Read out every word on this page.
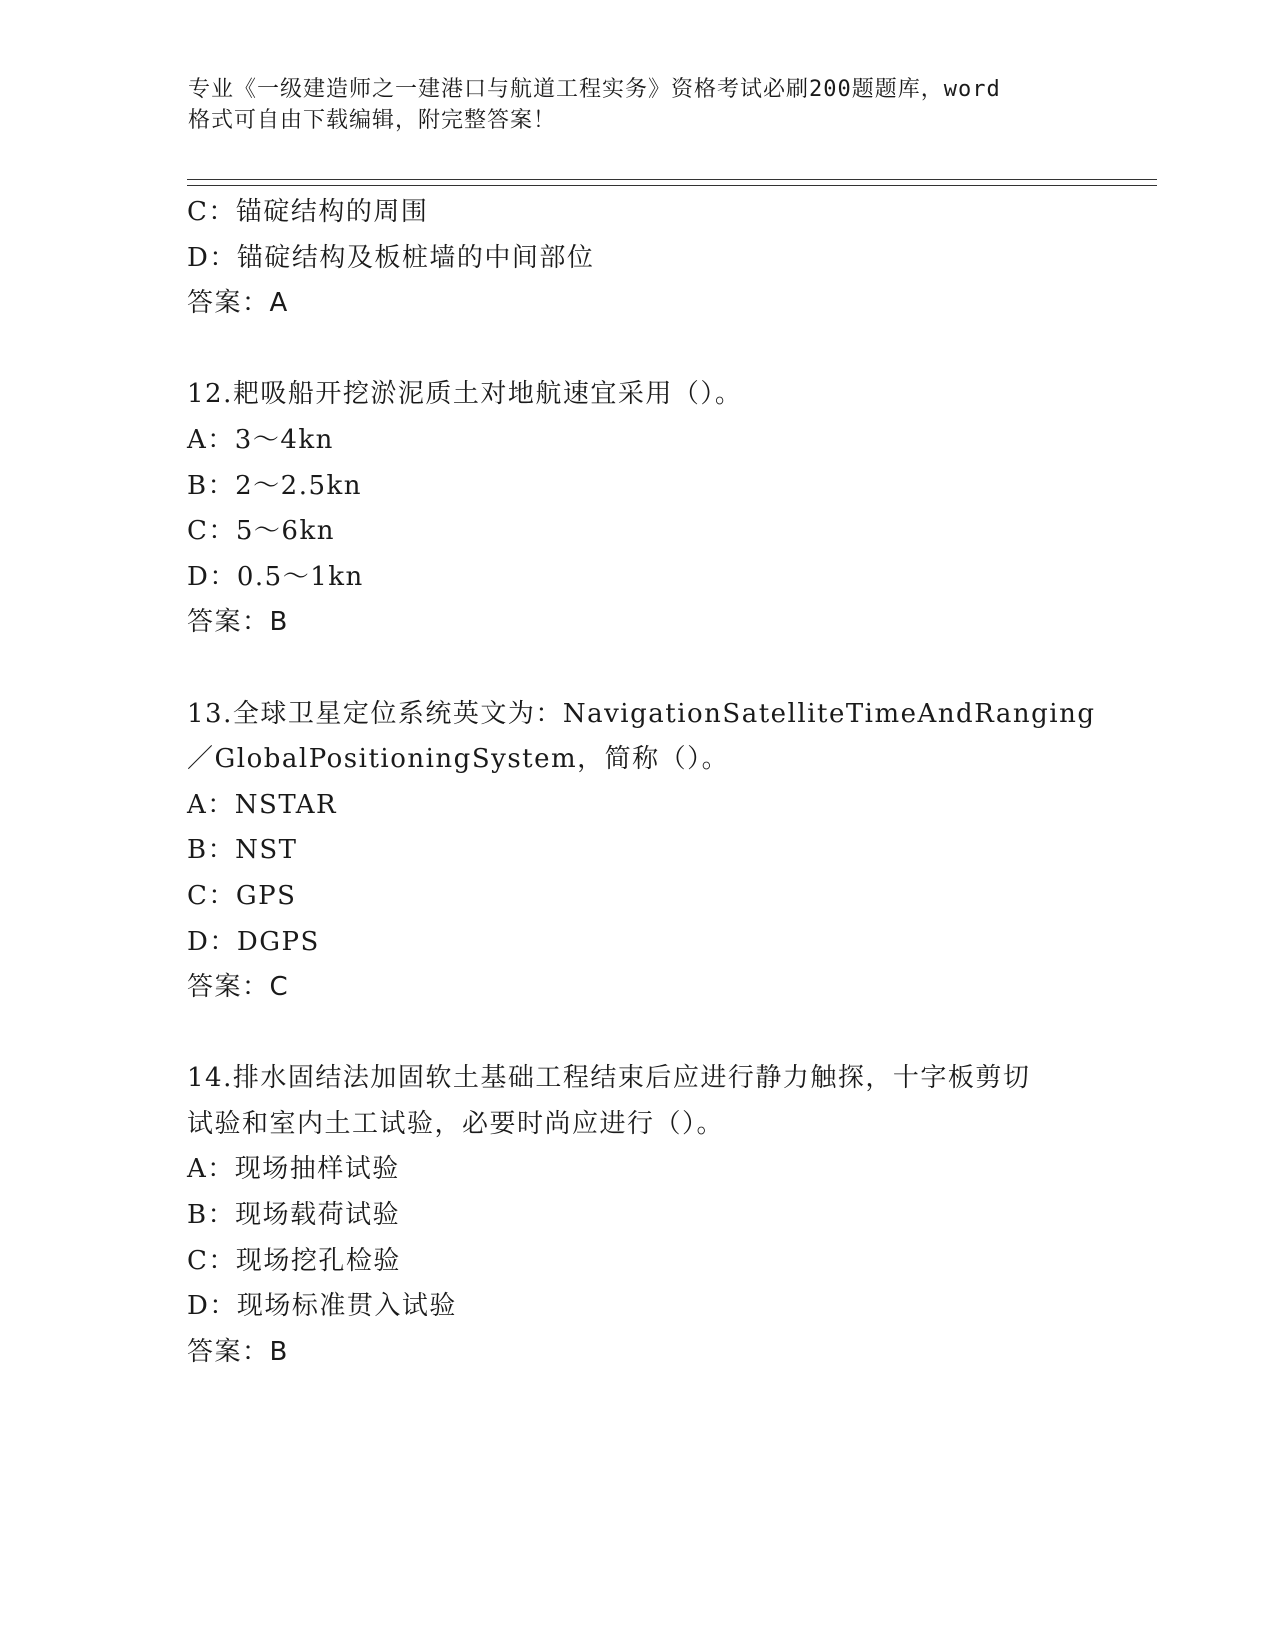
专业《一级建造师之一建港口与航道工程实务》资格考试必刷200题题库，word
格式可自由下载编辑，附完整答案！
C：锚碇结构的周围
D：锚碇结构及板桩墙的中间部位
答案：A
12.耙吸船开挖淤泥质土对地航速宜采用（）。
A：3～4kn
B：2～2.5kn
C：5～6kn
D：0.5～1kn
答案：B
13.全球卫星定位系统英文为：NavigationSatelliteTimeAndRanging
／GlobalPositioningSystem，简称（）。
A：NSTAR
B：NST
C：GPS
D：DGPS
答案：C
14.排水固结法加固软土基础工程结束后应进行静力触探，十字板剪切
试验和室内土工试验，必要时尚应进行（）。
A：现场抽样试验
B：现场载荷试验
C：现场挖孔检验
D：现场标准贯入试验
答案：B
